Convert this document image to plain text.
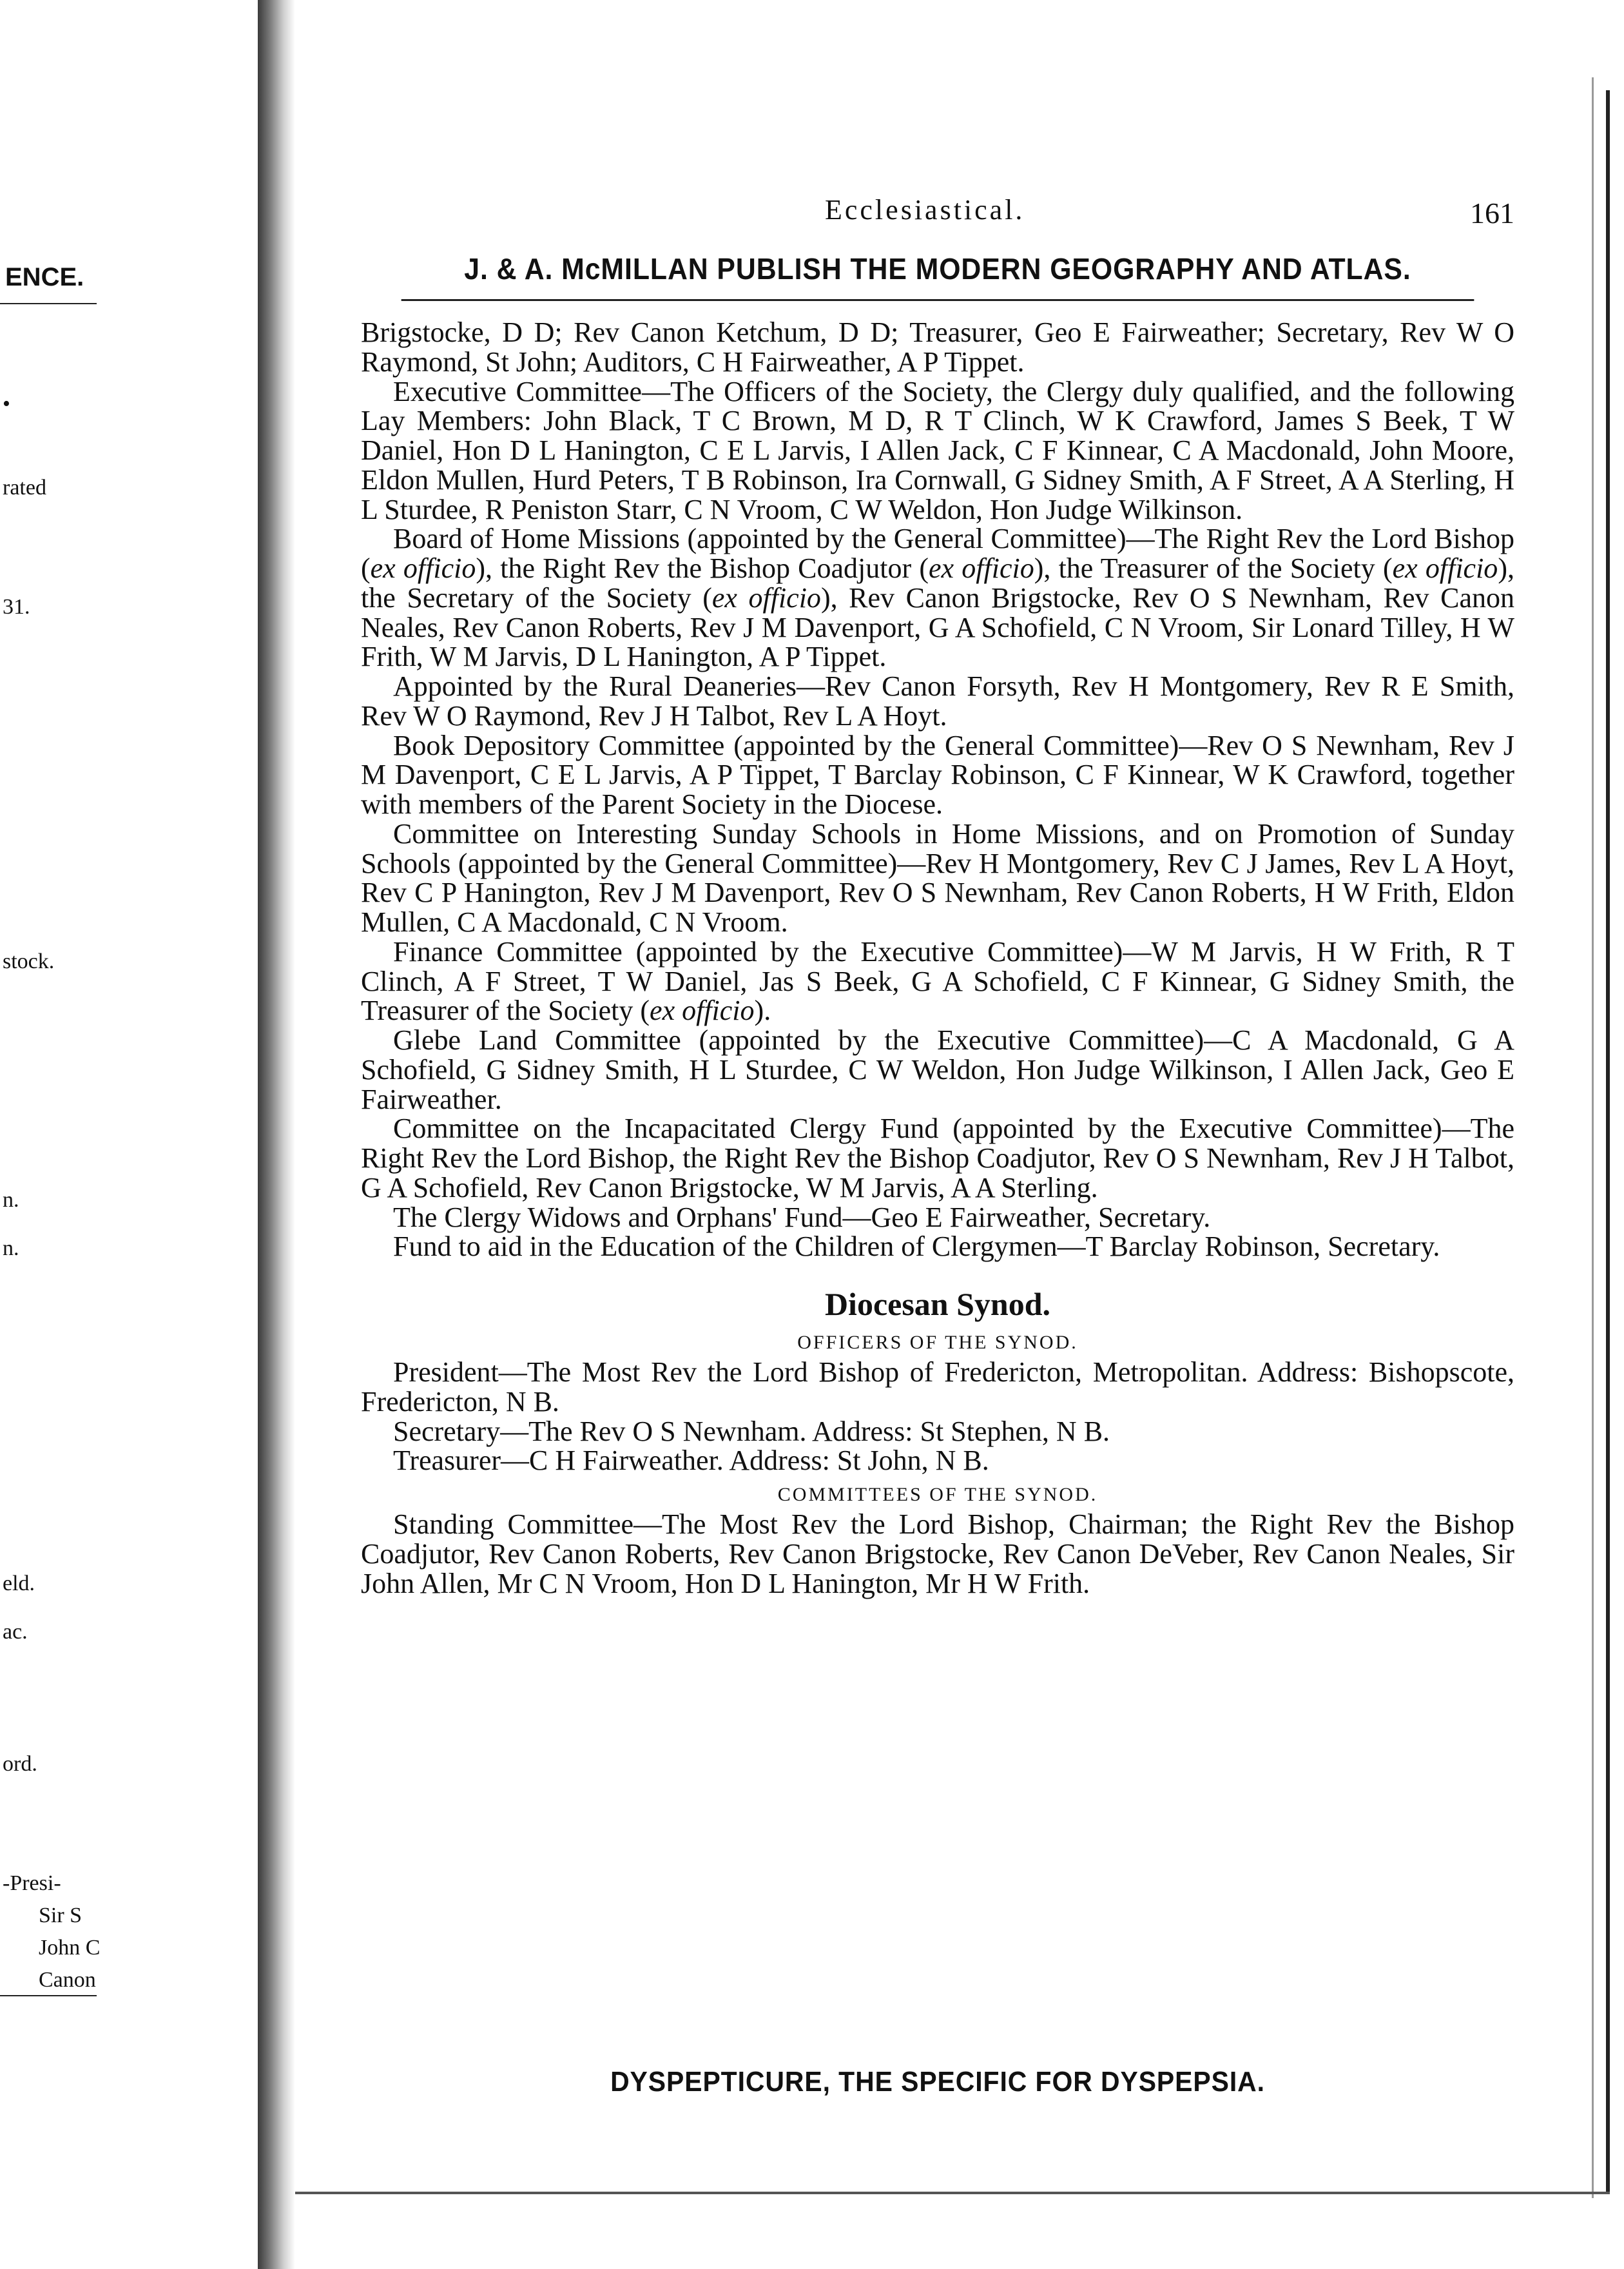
ENCE.
•
rated
31.
stock.
n.
n.
eld.
ac.
ord.
-Presi-
Sir S
John C
Canon
Ecclesiastical.	161
J. & A. McMILLAN PUBLISH THE MODERN GEOGRAPHY AND ATLAS.

Brigstocke, D D; Rev Canon Ketchum, D D; Treasurer, Geo E Fairweather; Secretary, Rev W O Raymond, St John; Auditors, C H Fairweather, A P Tippet.

Executive Committee—The Officers of the Society, the Clergy duly qualified, and the following Lay Members: John Black, T C Brown, M D, R T Clinch, W K Crawford, James S Beek, T W Daniel, Hon D L Hanington, C E L Jarvis, I Allen Jack, C F Kinnear, C A Macdonald, John Moore, Eldon Mullen, Hurd Peters, T B Robinson, Ira Cornwall, G Sidney Smith, A F Street, A A Sterling, H L Sturdee, R Peniston Starr, C N Vroom, C W Weldon, Hon Judge Wilkinson.

Board of Home Missions (appointed by the General Committee)—The Right Rev the Lord Bishop (ex officio), the Right Rev the Bishop Coadjutor (ex officio), the Treasurer of the Society (ex officio), the Secretary of the Society (ex officio), Rev Canon Brigstocke, Rev O S Newnham, Rev Canon Neales, Rev Canon Roberts, Rev J M Davenport, G A Schofield, C N Vroom, Sir Lonard Tilley, H W Frith, W M Jarvis, D L Hanington, A P Tippet.

Appointed by the Rural Deaneries—Rev Canon Forsyth, Rev H Montgomery, Rev R E Smith, Rev W O Raymond, Rev J H Talbot, Rev L A Hoyt.

Book Depository Committee (appointed by the General Committee)—Rev O S Newnham, Rev J M Davenport, C E L Jarvis, A P Tippet, T Barclay Robinson, C F Kinnear, W K Crawford, together with members of the Parent Society in the Diocese.

Committee on Interesting Sunday Schools in Home Missions, and on Promotion of Sunday Schools (appointed by the General Committee)—Rev H Montgomery, Rev C J James, Rev L A Hoyt, Rev C P Hanington, Rev J M Davenport, Rev O S Newnham, Rev Canon Roberts, H W Frith, Eldon Mullen, C A Macdonald, C N Vroom.

Finance Committee (appointed by the Executive Committee)—W M Jarvis, H W Frith, R T Clinch, A F Street, T W Daniel, Jas S Beek, G A Schofield, C F Kinnear, G Sidney Smith, the Treasurer of the Society (ex officio).

Glebe Land Committee (appointed by the Executive Committee)—C A Macdonald, G A Schofield, G Sidney Smith, H L Sturdee, C W Weldon, Hon Judge Wilkinson, I Allen Jack, Geo E Fairweather.

Committee on the Incapacitated Clergy Fund (appointed by the Executive Committee)—The Right Rev the Lord Bishop, the Right Rev the Bishop Coadjutor, Rev O S Newnham, Rev J H Talbot, G A Schofield, Rev Canon Brigstocke, W M Jarvis, A A Sterling.

The Clergy Widows and Orphans' Fund—Geo E Fairweather, Secretary.

Fund to aid in the Education of the Children of Clergymen—T Barclay Robinson, Secretary.

Diocesan Synod.
OFFICERS OF THE SYNOD.

President—The Most Rev the Lord Bishop of Fredericton, Metropolitan. Address: Bishopscote, Fredericton, N B.

Secretary—The Rev O S Newnham. Address: St Stephen, N B.

Treasurer—C H Fairweather. Address: St John, N B.

COMMITTEES OF THE SYNOD.

Standing Committee—The Most Rev the Lord Bishop, Chairman; the Right Rev the Bishop Coadjutor, Rev Canon Roberts, Rev Canon Brigstocke, Rev Canon DeVeber, Rev Canon Neales, Sir John Allen, Mr C N Vroom, Hon D L Hanington, Mr H W Frith.

DYSPEPTICURE, THE SPECIFIC FOR DYSPEPSIA.
